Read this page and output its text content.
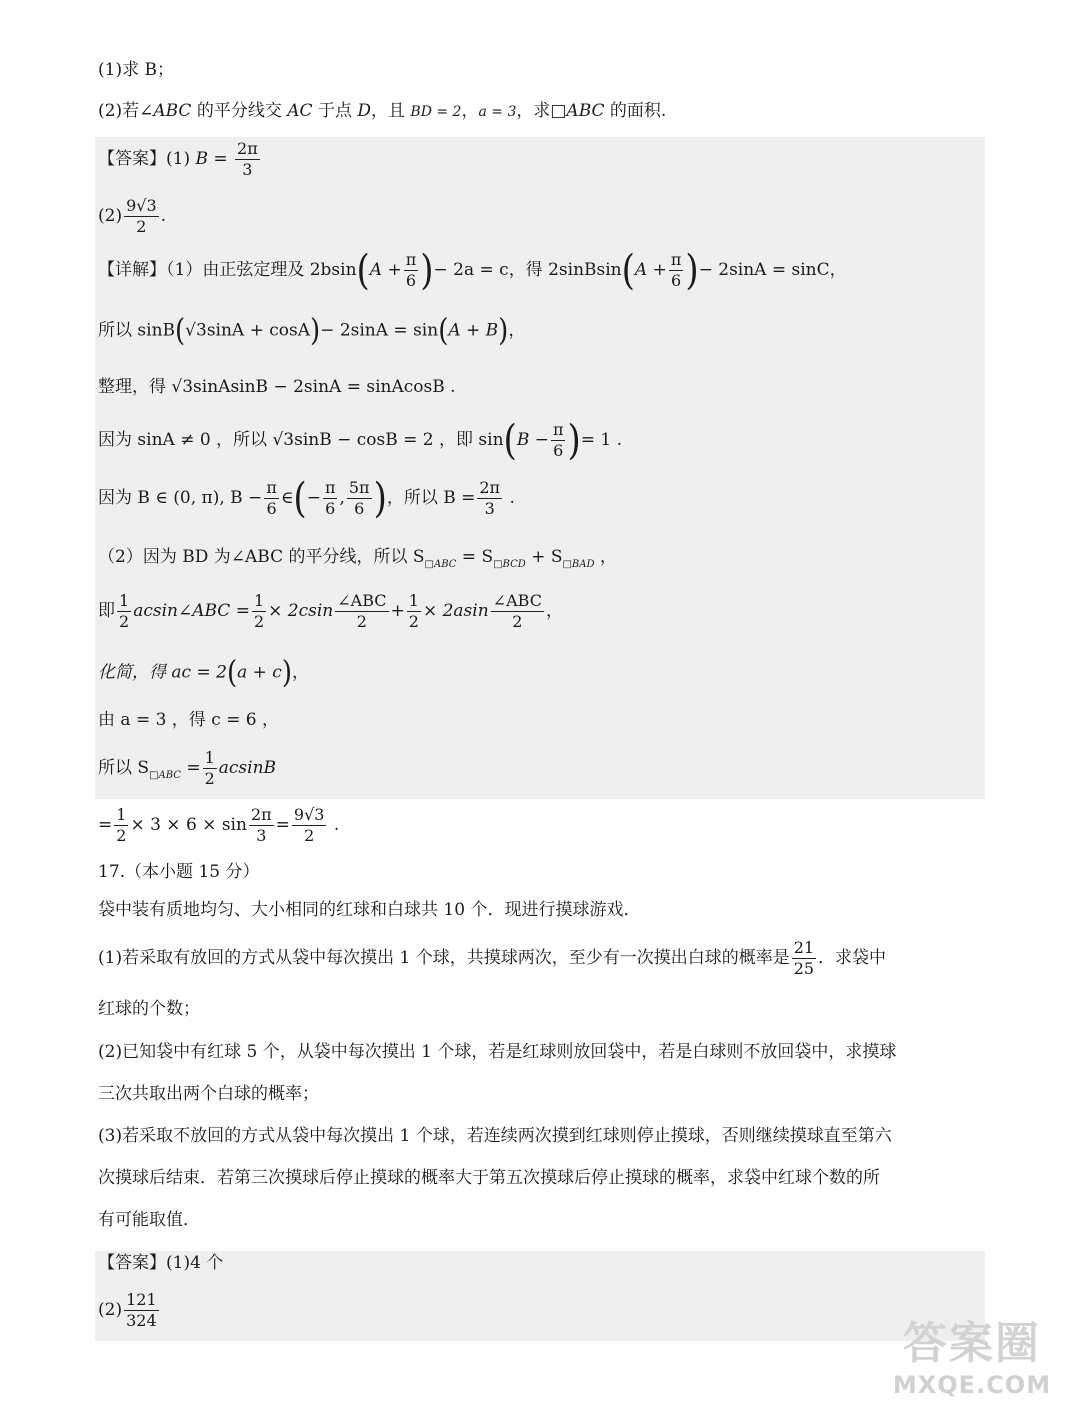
(1)求 B；
(2)若∠ABC 的平分线交 AC 于点 D，且 BD = 2，a = 3，求□ABC 的面积.
【答案】(1) $B = \frac{2\pi}{3}$
$(2) \frac{9√3}{2}$ .
【详解】（1）由正弦定理及 $2bsin(A + \frac{\pi}{6}$ )− 2a = c，得 2sinBsin(A + $\frac{\pi}{6}$ )− 2sinA = sinC，
所以 sinB(√3sinA + cosA)− 2sinA = sin(A + B)，
整理，得 √3sinAsinB − 2sinA = sinAcosB .
因为 sinA ≠ 0 ，所以 √3sinB − cosB = 2 ，即 $\sin(B - \frac{\pi}{6}$ )= 1 .
因为 B ∈ (0, π), $B - \frac{\pi}{6}$ ∈(− $\frac{\pi}{6}$ , $\frac{5\pi}{6}$ )，所以 $B = \frac{2\pi}{3}$ .
（2）因为 BD 为∠ABC 的平分线，所以 $S_{□ABC} = S_{□BCD} + S_{□BAD}$ ，
即 $\frac{1}{2}$ acsin∠ABC = $\frac{1}{2} \times 2csin \frac{\text{∠ABC}}{2} + \frac{1}{2} \times 2asin \frac{\text{∠ABC}}{2}$ ，
化简，得 ac = 2(a + c)，
由 a = 3 ，得 c = 6 ，
所以 $S_{□ABC} = \frac{1}{2}$ acsinB
= $\frac{1}{2} \times 3 \times 6 \times \sin \frac{2\pi}{3} = \frac{9√3}{2}$ .
17.（本小题 15 分）
袋中装有质地均匀、大小相同的红球和白球共 10 个．现进行摸球游戏．
(1)若采取有放回的方式从袋中每次摸出 1 个球，共摸球两次，至少有一次摸出白球的概率是 $\frac{21}{25}$ ．求袋中
红球的个数；
(2)已知袋中有红球 5 个，从袋中每次摸出 1 个球，若是红球则放回袋中，若是白球则不放回袋中，求摸球
三次共取出两个白球的概率；
(3)若采取不放回的方式从袋中每次摸出 1 个球，若连续两次摸到红球则停止摸球，否则继续摸球直至第六
次摸球后结束．若第三次摸球后停止摸球的概率大于第五次摸球后停止摸球的概率，求袋中红球个数的所
有可能取值．
【答案】(1)4 个
$(2) \frac{121}{324}$
答案圈
MXQE.COM
